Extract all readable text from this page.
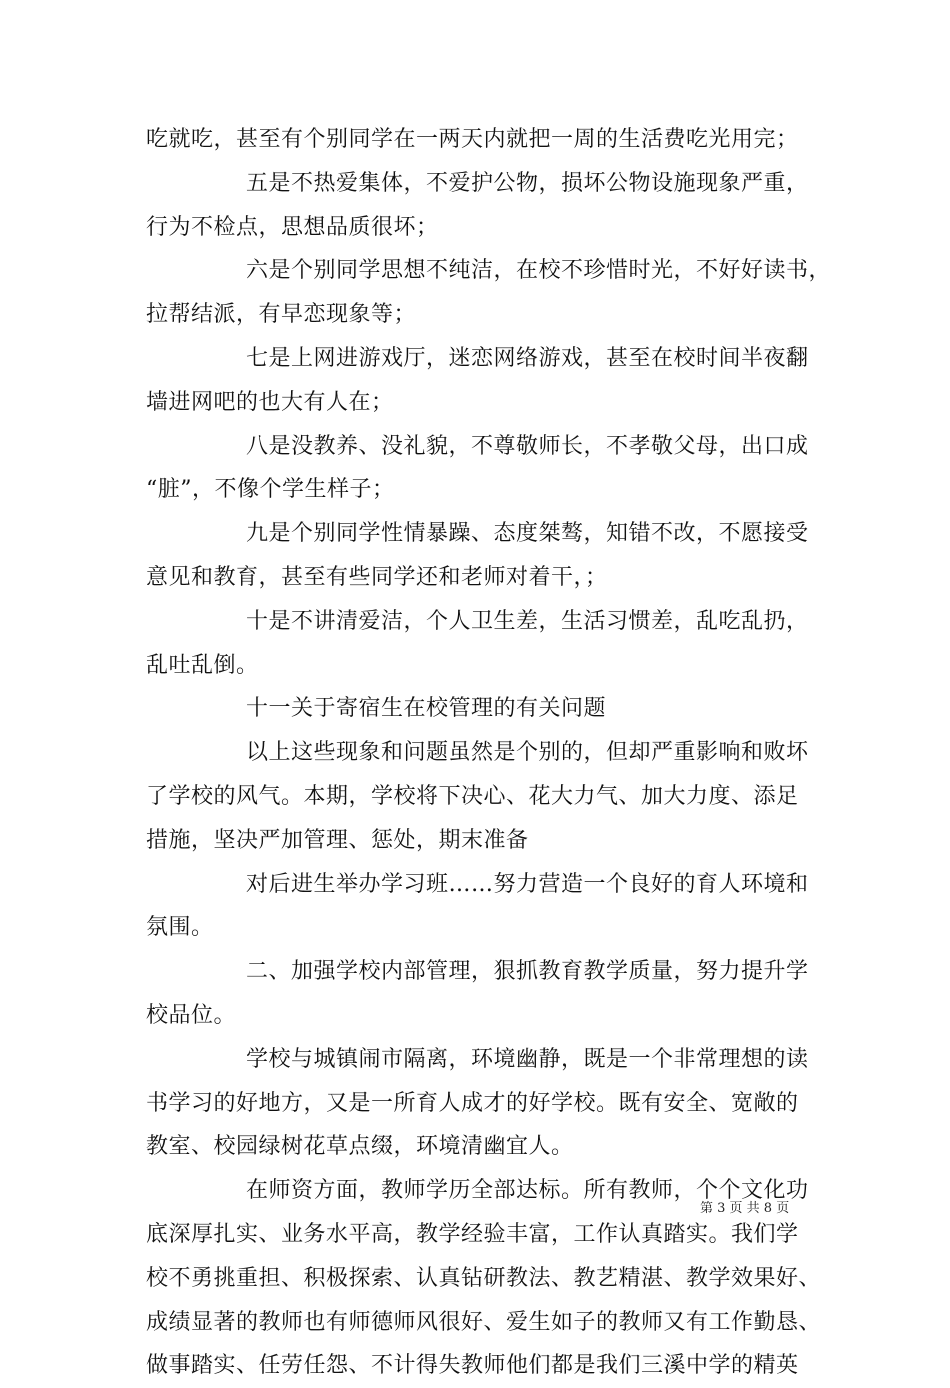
吃就吃，甚至有个别同学在一两天内就把一周的生活费吃光用完；
五是不热爱集体，不爱护公物，损坏公物设施现象严重，
行为不检点，思想品质很坏；
六是个别同学思想不纯洁，在校不珍惜时光，不好好读书，
拉帮结派，有早恋现象等；
七是上网进游戏厅，迷恋网络游戏，甚至在校时间半夜翻
墙进网吧的也大有人在；
八是没教养、没礼貌，不尊敬师长，不孝敬父母，出口成
“脏”，不像个学生样子；
九是个别同学性情暴躁、态度桀骜，知错不改，不愿接受
意见和教育，甚至有些同学还和老师对着干，；
十是不讲清爱洁，个人卫生差，生活习惯差，乱吃乱扔，
乱吐乱倒。
十一关于寄宿生在校管理的有关问题
以上这些现象和问题虽然是个别的，但却严重影响和败坏
了学校的风气。本期，学校将下决心、花大力气、加大力度、添足
措施，坚决严加管理、惩处，期末准备
对后进生举办学习班……努力营造一个良好的育人环境和
氛围。
二、加强学校内部管理，狠抓教育教学质量，努力提升学
校品位。
学校与城镇闹市隔离，环境幽静，既是一个非常理想的读
书学习的好地方，又是一所育人成才的好学校。既有安全、宽敞的
教室、校园绿树花草点缀，环境清幽宜人。
在师资方面，教师学历全部达标。所有教师，个个文化功
底深厚扎实、业务水平高，教学经验丰富，工作认真踏实。我们学
校不勇挑重担、积极探索、认真钻研教法、教艺精湛、教学效果好、
成绩显著的教师也有师德师风很好、爱生如子的教师又有工作勤恳、
做事踏实、任劳任怨、不计得失教师他们都是我们三溪中学的精英
第 3 页 共 8 页
